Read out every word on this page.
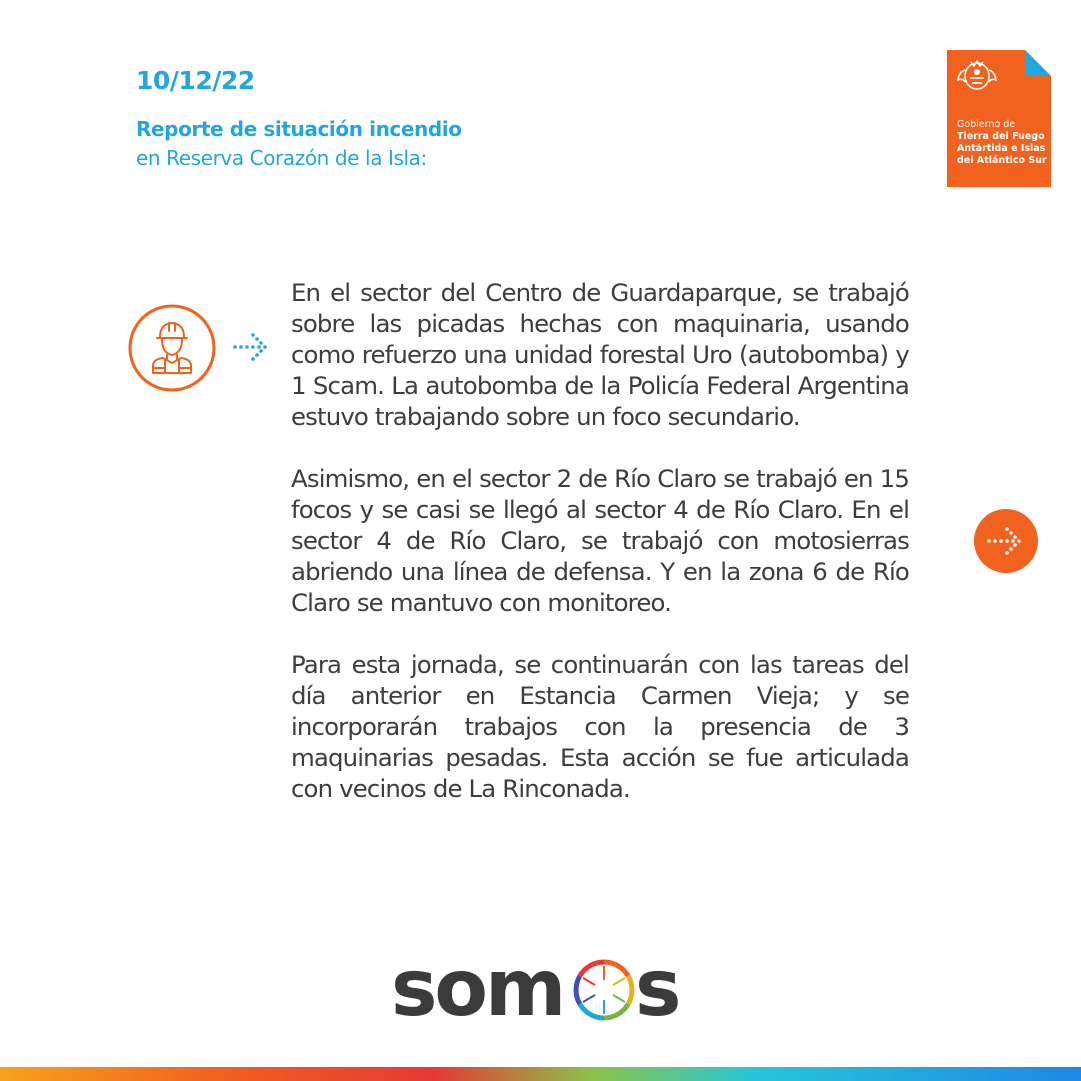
10/12/22
Reporte de situación incendio
en Reserva Corazón de la Isla:
Gobierno de
Tierra del Fuego
Antártida e Islas
del Atlántico Sur

En el sector del Centro de Guardaparque, se trabajó sobre las picadas hechas con maquinaria, usando como refuerzo una unidad forestal Uro (autobomba) y 1 Scam. La autobomba de la Policía Federal Argentina estuvo trabajando sobre un foco secundario.

Asimismo, en el sector 2 de Río Claro se trabajó en 15 focos y se casi se llegó al sector 4 de Río Claro. En el sector 4 de Río Claro, se trabajó con motosierras abriendo una línea de defensa. Y en la zona 6 de Río Claro se mantuvo con monitoreo.

Para esta jornada, se continuarán con las tareas del día anterior en Estancia Carmen Vieja; y se incorporarán trabajos con la presencia de 3 maquinarias pesadas. Esta acción se fue articulada con vecinos de La Rinconada.

som s
somos
